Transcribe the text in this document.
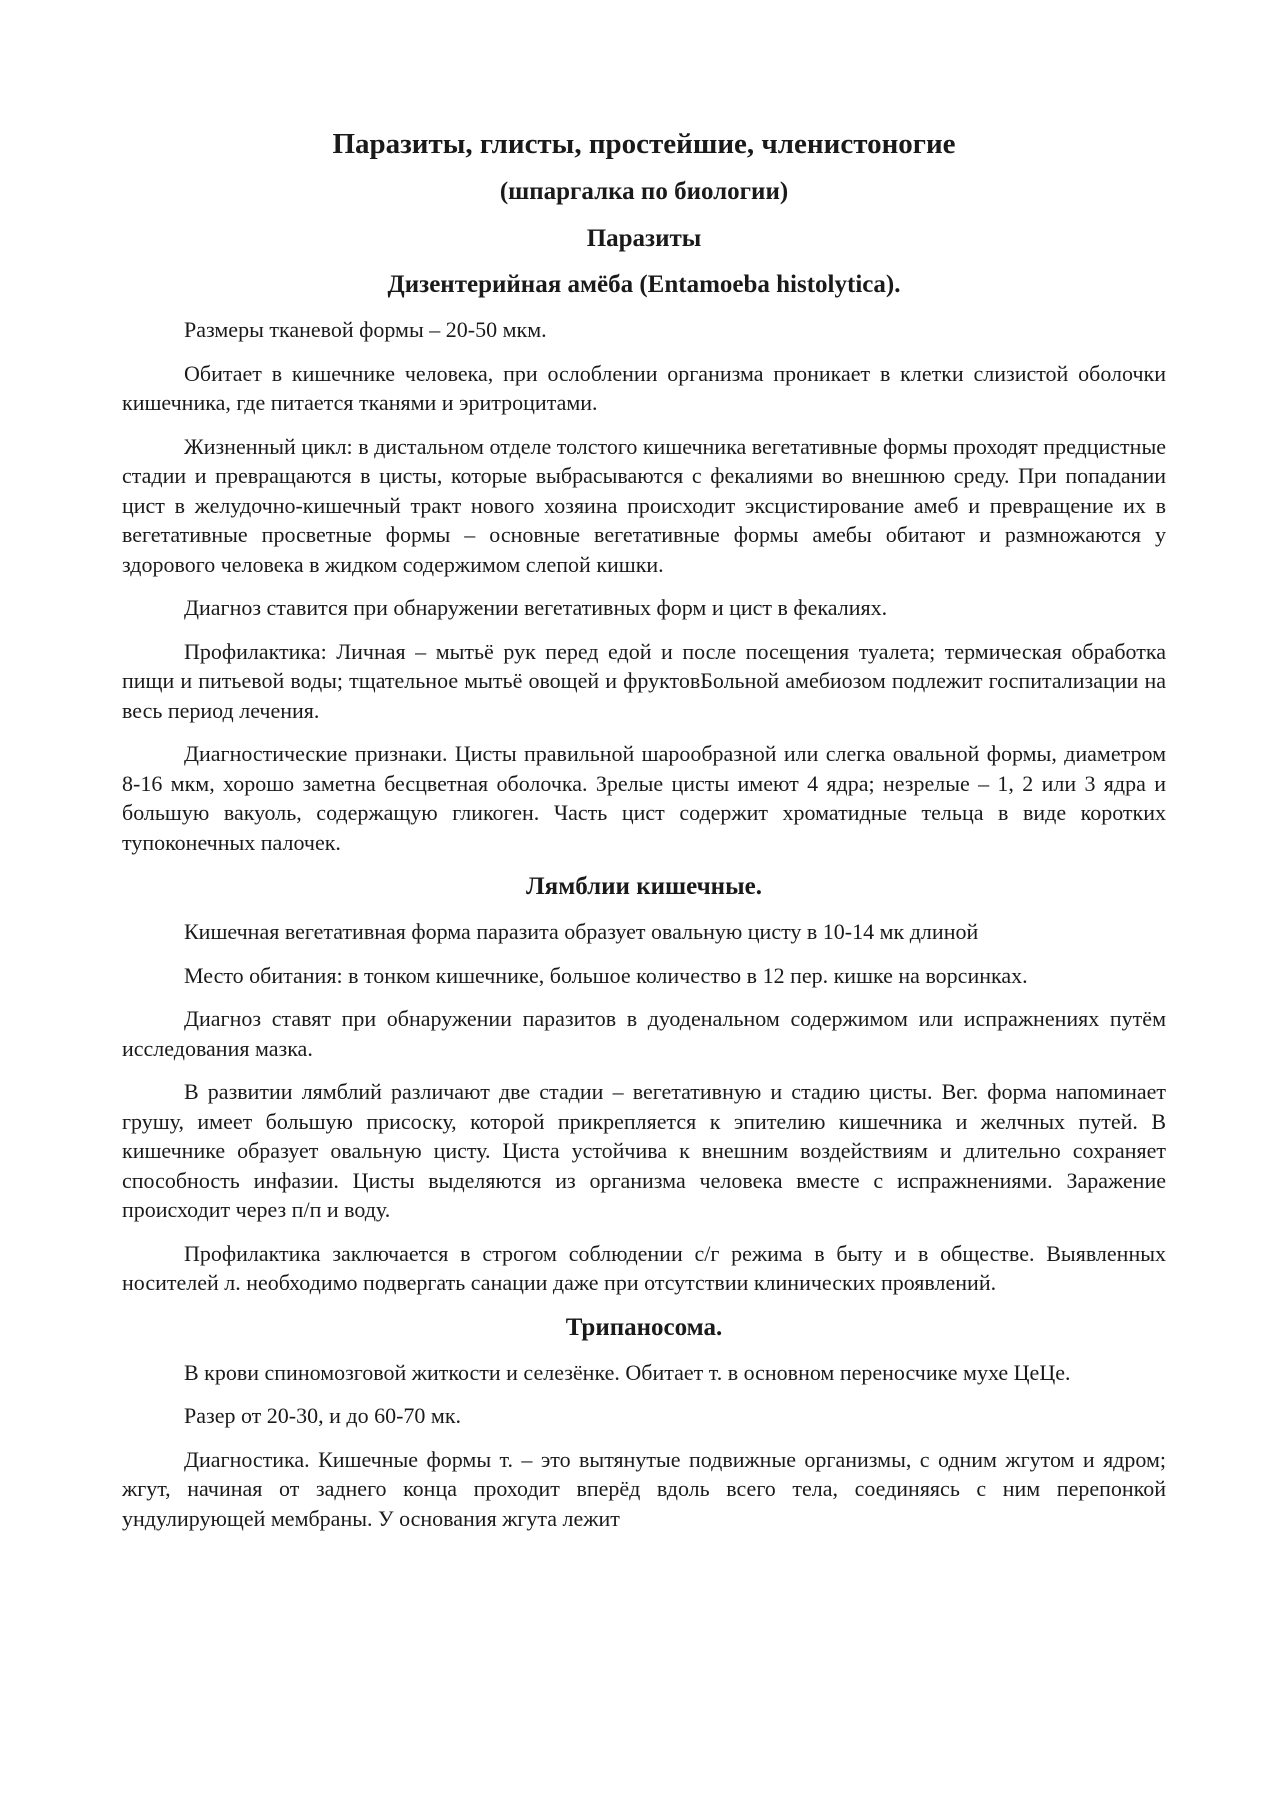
Паразиты, глисты, простейшие, членистоногие
(шпаргалка по биологии)
Паразиты
Дизентерийная амёба (Entamoeba histolytica).

Размеры тканевой формы – 20-50 мкм.

Обитает в кишечнике человека, при ослоблении организма проникает в клетки слизистой оболочки кишечника, где питается тканями и эритроцитами.

Жизненный цикл: в дистальном отделе толстого кишечника вегетативные формы проходят предцистные стадии и превращаются в цисты, которые выбрасываются с фекалиями во внешнюю среду. При попадании цист в желудочно-кишечный тракт нового хозяина происходит эксцистирование амеб и превращение их в вегетативные просветные формы – основные вегетативные формы амебы обитают и размножаются у здорового человека в жидком содержимом слепой кишки.

Диагноз ставится при обнаружении вегетативных форм и цист в фекалиях.

Профилактика: Личная – мытьё рук перед едой и после посещения туалета; термическая обработка пищи и питьевой воды; тщательное мытьё овощей и фруктовБольной амебиозом подлежит госпитализации на весь период лечения.

Диагностические признаки. Цисты правильной шарообразной или слегка овальной формы, диаметром 8-16 мкм, хорошо заметна бесцветная оболочка. Зрелые цисты имеют 4 ядра; незрелые – 1, 2 или 3 ядра и большую вакуоль, содержащую гликоген. Часть цист содержит хроматидные тельца в виде коротких тупоконечных палочек.

Лямблии кишечные.

Кишечная вегетативная форма паразита образует овальную цисту в 10-14 мк длиной

Место обитания: в тонком кишечнике, большое количество в 12 пер. кишке на ворсинках.

Диагноз ставят при обнаружении паразитов в дуоденальном содержимом или испражнениях путём исследования мазка.

В развитии лямблий различают две стадии – вегетативную и стадию цисты. Вег. форма напоминает грушу, имеет большую присоску, которой прикрепляется к эпителию кишечника и желчных путей. В кишечнике образует овальную цисту. Циста устойчива к внешним воздействиям и длительно сохраняет способность инфазии. Цисты выделяются из организма человека вместе с испражнениями. Заражение происходит через п/п и воду.

Профилактика заключается в строгом соблюдении с/г режима в быту и в обществе. Выявленных носителей л. необходимо подвергать санации даже при отсутствии клинических проявлений.

Трипаносома.

В крови спиномозговой житкости и селезёнке. Обитает т. в основном переносчике мухе ЦеЦе.

Разер от 20-30, и до 60-70 мк.

Диагностика. Кишечные формы т. – это вытянутые подвижные организмы, с одним жгутом и ядром; жгут, начиная от заднего конца проходит вперёд вдоль всего тела, соединяясь с ним перепонкой ундулирующей мембраны. У основания жгута лежит
